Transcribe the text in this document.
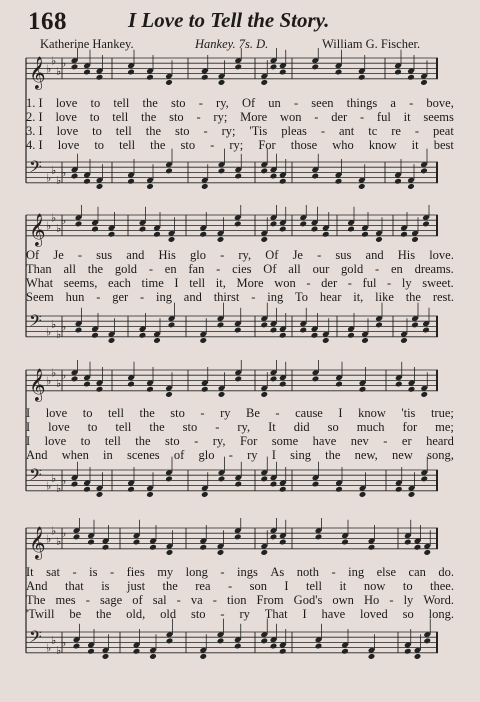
168	I Love to Tell the Story.
Katherine Hankey.	Hankey. 7s. D.	William G. Fischer.
𝄞 ♭
♭
♭
♭
𝄢 ♭
♭
♭
♭
𝄞 ♭
♭
♭
♭
𝄢 ♭
♭
♭
♭
𝄞 ♭
♭
♭
♭
𝄢 ♭
♭
♭
♭
𝄞 ♭
♭
♭
♭
𝄢 ♭
♭
♭
♭
1. I love to tell the sto - ry, Of un - seen things a - bove,
2. I love to tell the sto - ry; More won - der - ful it seems
3. I love to tell the sto - ry; 'Tis pleas - ant tc re - peat
4. I love to tell the sto - ry; For those who know it best
Of Je - sus and His glo - ry, Of Je - sus and His love.
Than all the gold - en fan - cies Of all our gold - en dreams.
What seems, each time I tell it, More won - der - ful - ly sweet.
Seem hun - ger - ing and thirst - ing To hear it, like the rest.
I love to tell the sto - ry Be - cause I know 'tis true;
I love to tell the sto - ry, It did so much for me;
I love to tell the sto - ry, For some have nev - er heard
And when in scenes of glo - ry I sing the new, new song,
It sat - is - fies my long - ings As noth - ing else can do.
And that is just the rea - son I tell it now to thee.
The mes - sage of sal - va - tion From God's own Ho - ly Word.
'Twill be the old, old sto - ry That I have loved so long.
